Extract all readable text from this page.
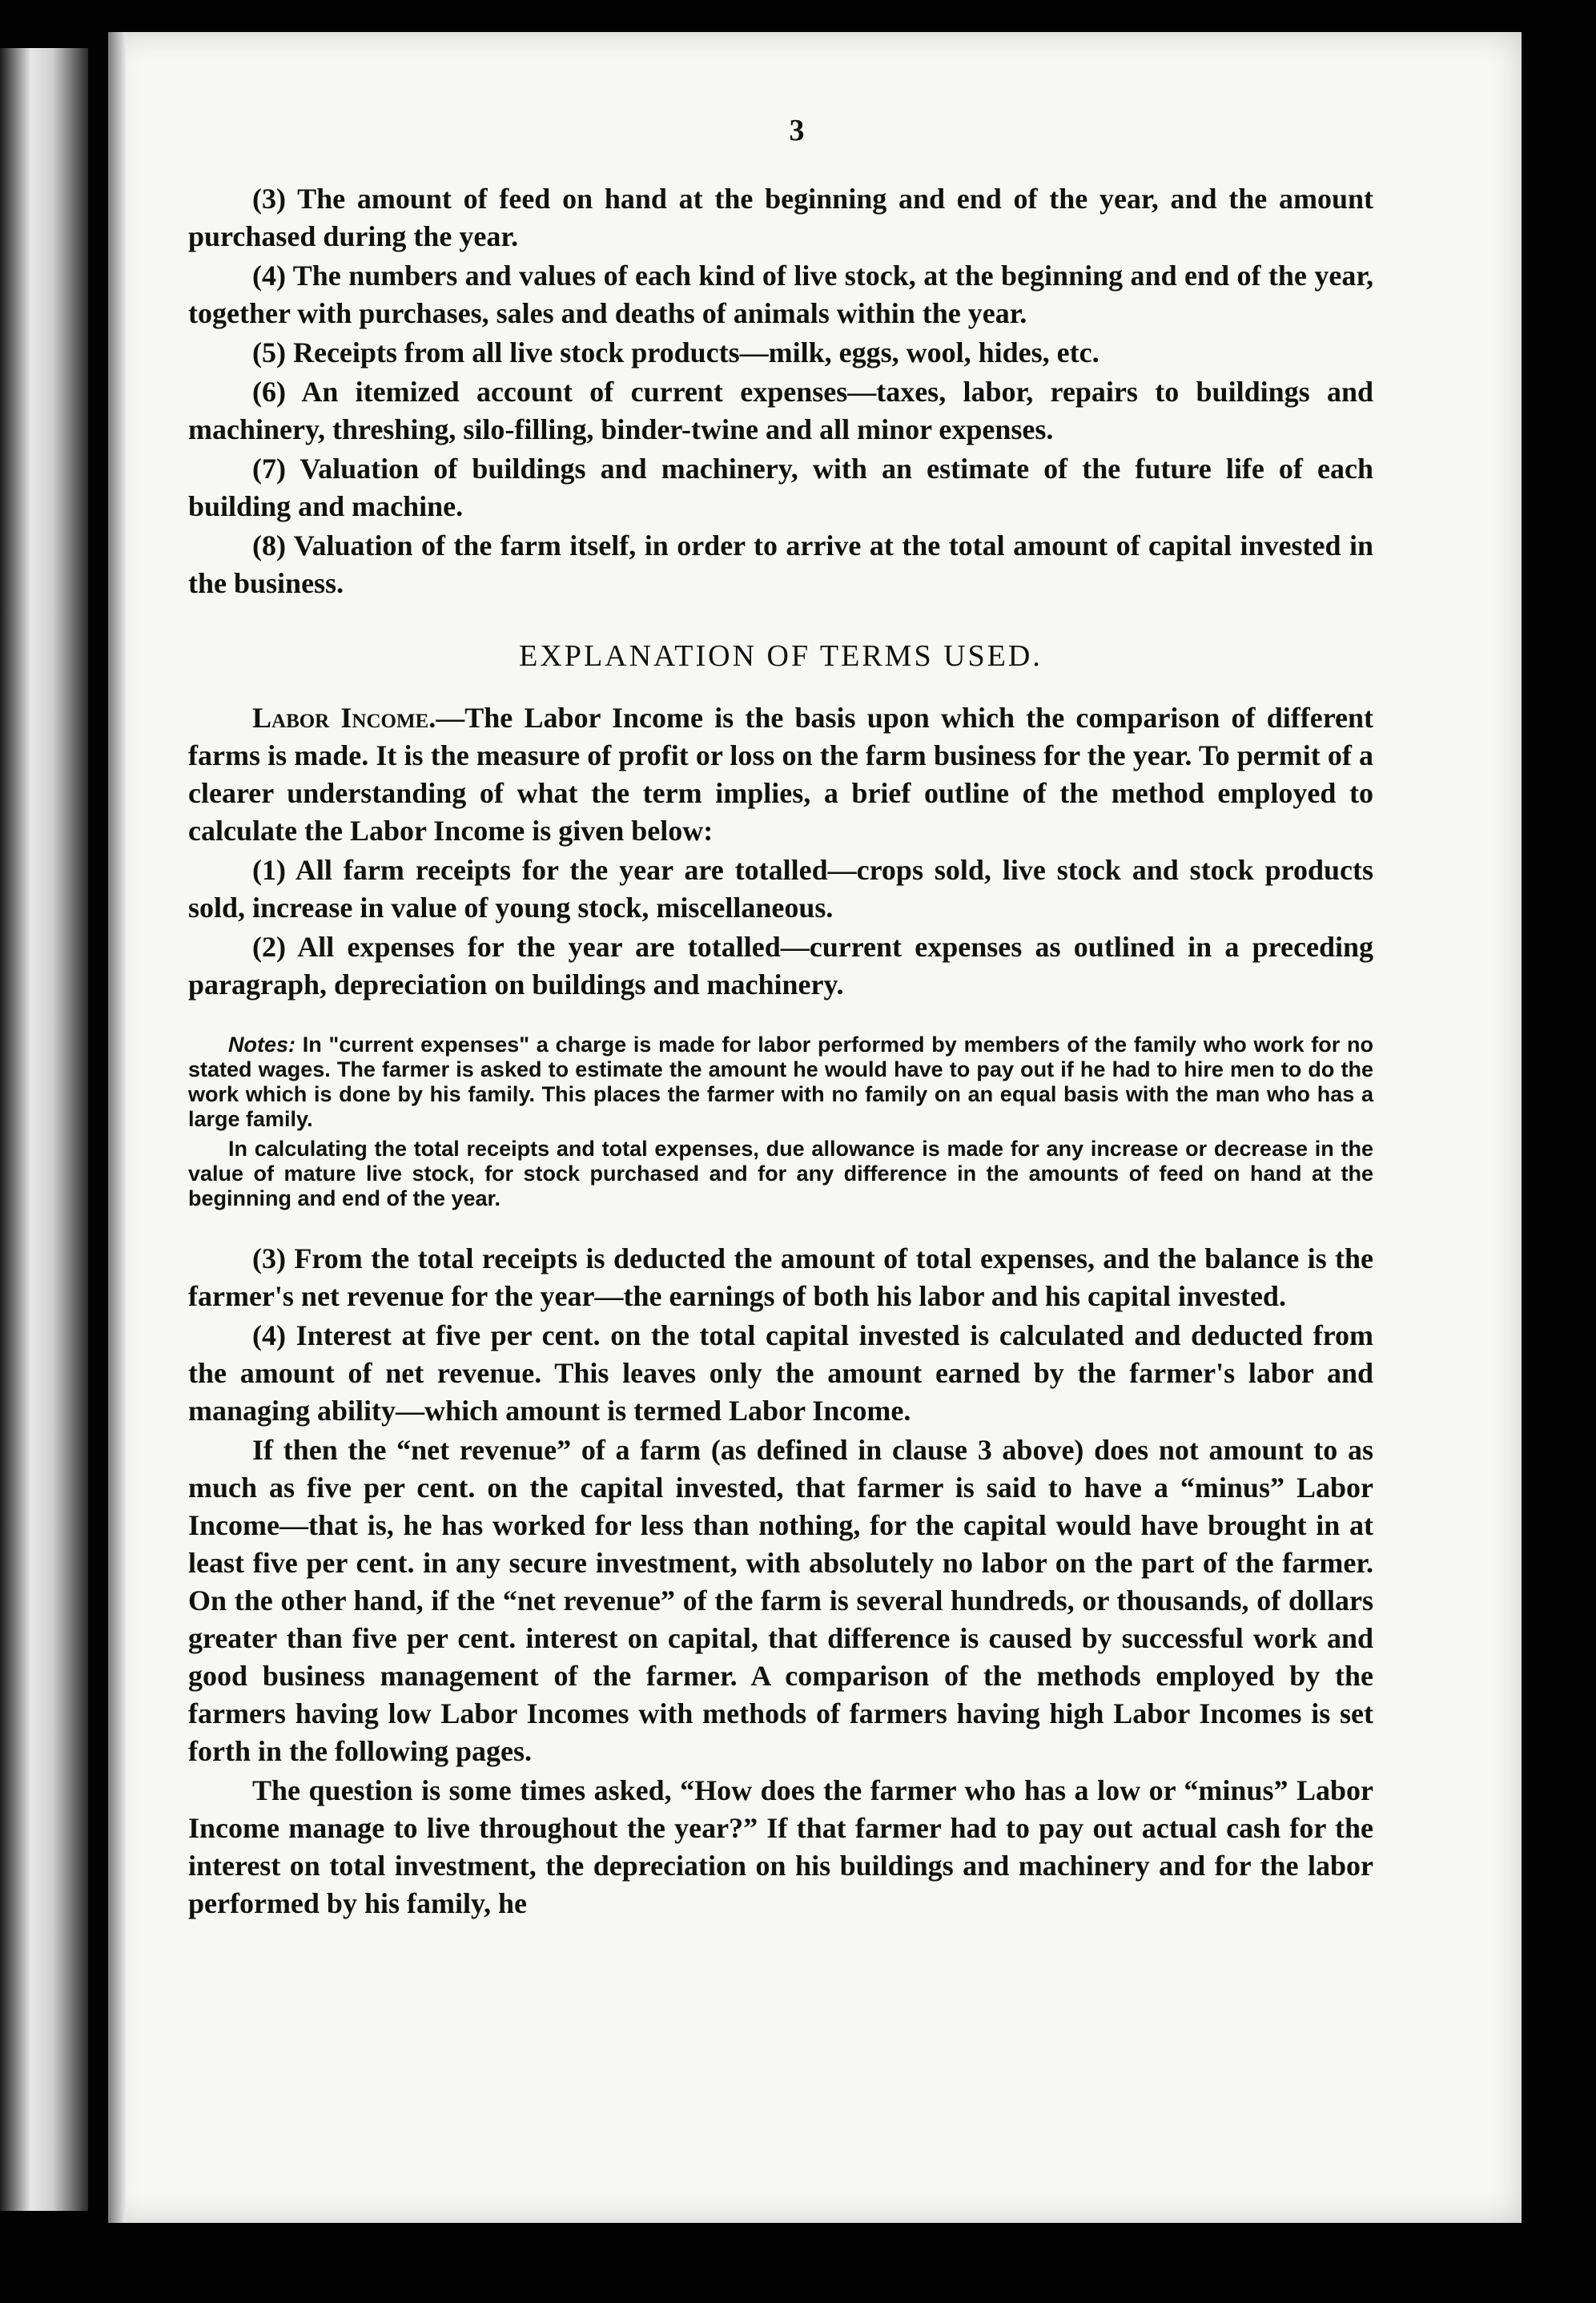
3

(3) The amount of feed on hand at the beginning and end of the year, and the amount purchased during the year.

(4) The numbers and values of each kind of live stock, at the beginning and end of the year, together with purchases, sales and deaths of animals within the year.

(5) Receipts from all live stock products—milk, eggs, wool, hides, etc.

(6) An itemized account of current expenses—taxes, labor, repairs to buildings and machinery, threshing, silo-filling, binder-twine and all minor expenses.

(7) Valuation of buildings and machinery, with an estimate of the future life of each building and machine.

(8) Valuation of the farm itself, in order to arrive at the total amount of capital invested in the business.

EXPLANATION OF TERMS USED.

Labor Income.—The Labor Income is the basis upon which the comparison of different farms is made. It is the measure of profit or loss on the farm business for the year. To permit of a clearer understanding of what the term implies, a brief outline of the method employed to calculate the Labor Income is given below:

(1) All farm receipts for the year are totalled—crops sold, live stock and stock products sold, increase in value of young stock, miscellaneous.

(2) All expenses for the year are totalled—current expenses as outlined in a preceding paragraph, depreciation on buildings and machinery.

Notes: In "current expenses" a charge is made for labor performed by members of the family who work for no stated wages. The farmer is asked to estimate the amount he would have to pay out if he had to hire men to do the work which is done by his family. This places the farmer with no family on an equal basis with the man who has a large family.

In calculating the total receipts and total expenses, due allowance is made for any increase or decrease in the value of mature live stock, for stock purchased and for any difference in the amounts of feed on hand at the beginning and end of the year.

(3) From the total receipts is deducted the amount of total expenses, and the balance is the farmer's net revenue for the year—the earnings of both his labor and his capital invested.

(4) Interest at five per cent. on the total capital invested is calculated and deducted from the amount of net revenue. This leaves only the amount earned by the farmer's labor and managing ability—which amount is termed Labor Income.

If then the “net revenue” of a farm (as defined in clause 3 above) does not amount to as much as five per cent. on the capital invested, that farmer is said to have a “minus” Labor Income—that is, he has worked for less than nothing, for the capital would have brought in at least five per cent. in any secure investment, with absolutely no labor on the part of the farmer. On the other hand, if the “net revenue” of the farm is several hundreds, or thousands, of dollars greater than five per cent. interest on capital, that difference is caused by successful work and good business management of the farmer. A comparison of the methods employed by the farmers having low Labor Incomes with methods of farmers having high Labor Incomes is set forth in the following pages.

The question is some times asked, “How does the farmer who has a low or “minus” Labor Income manage to live throughout the year?” If that farmer had to pay out actual cash for the interest on total investment, the depreciation on his buildings and machinery and for the labor performed by his family, he
